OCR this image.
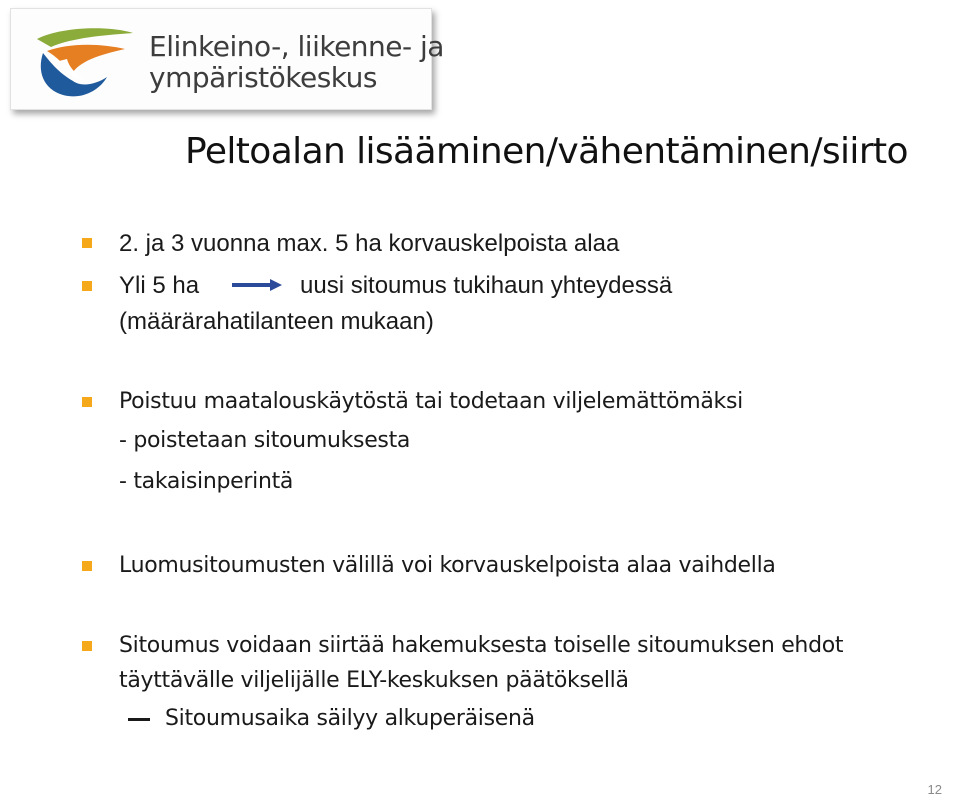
Elinkeino-, liikenne- ja
ympäristökeskus
Peltoalan lisääminen/vähentäminen/siirto
2. ja 3 vuonna max. 5 ha korvauskelpoista alaa
Yli 5 ha	uusi sitoumus tukihaun yhteydessä
(määrärahatilanteen mukaan)
Poistuu maatalouskäytöstä tai todetaan viljelemättömäksi
- poistetaan sitoumuksesta
- takaisinperintä
Luomusitoumusten välillä voi korvauskelpoista alaa vaihdella
Sitoumus voidaan siirtää hakemuksesta toiselle sitoumuksen ehdot
täyttävälle viljelijälle ELY-keskuksen päätöksellä
Sitoumusaika säilyy alkuperäisenä
12
